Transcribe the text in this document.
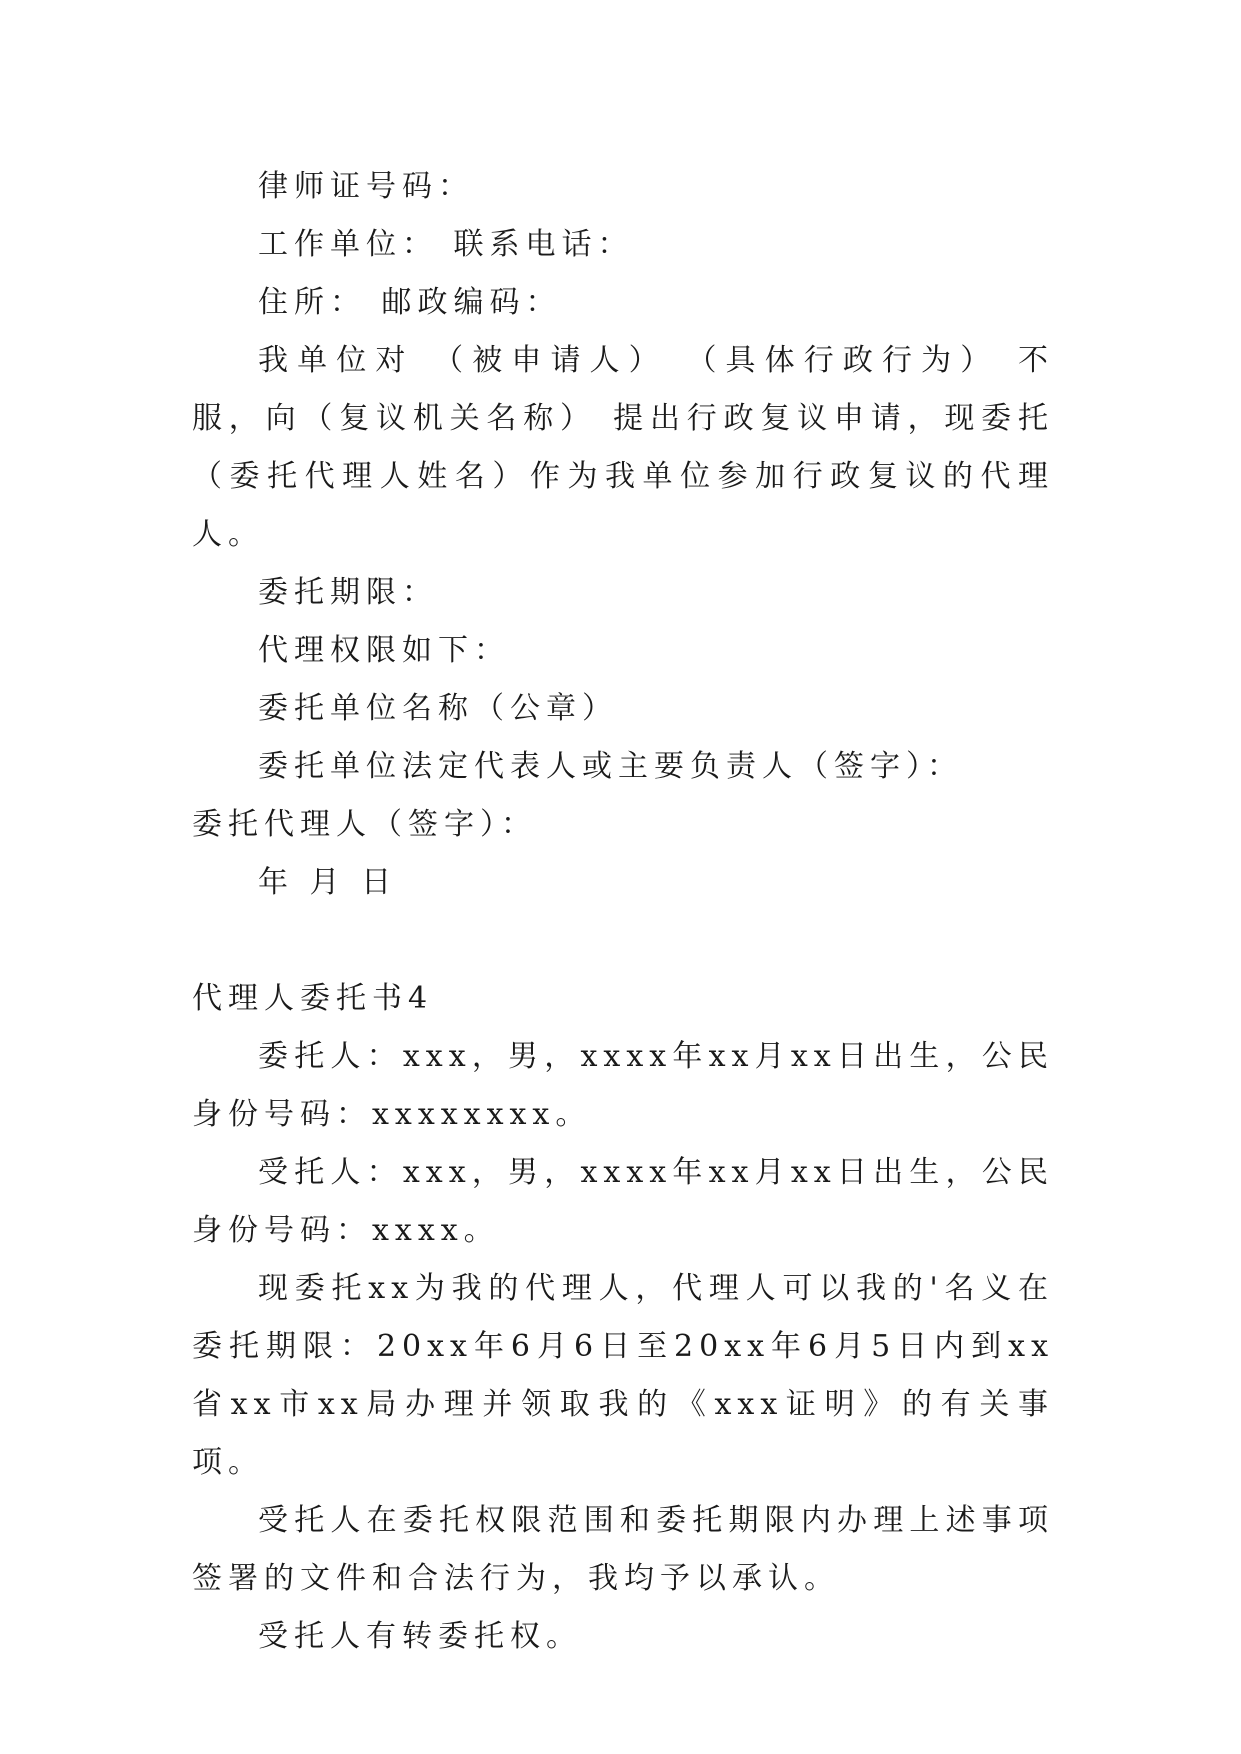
律师证号码：
工作单位： 联系电话：
住所： 邮政编码：
我单位对 （被申请人） （具体行政行为） 不服，向（复议机关名称） 提出行政复议申请，现委托（委托代理人姓名）作为我单位参加行政复议的代理人。
委托期限：
代理权限如下：
委托单位名称（公章）
委托单位法定代表人或主要负责人（签字）：
委托代理人（签字）：
年 月 日
代理人委托书4
委托人：xxx，男，xxxx年xx月xx日出生，公民身份号码：xxxxxxxx。
受托人：xxx，男，xxxx年xx月xx日出生，公民身份号码：xxxx。
现委托xx为我的代理人，代理人可以我的'名义在委托期限：20xx年6月6日至20xx年6月5日内到xx省xx市xx局办理并领取我的《xxx证明》的有关事项。
受托人在委托权限范围和委托期限内办理上述事项签署的文件和合法行为，我均予以承认。
受托人有转委托权。
